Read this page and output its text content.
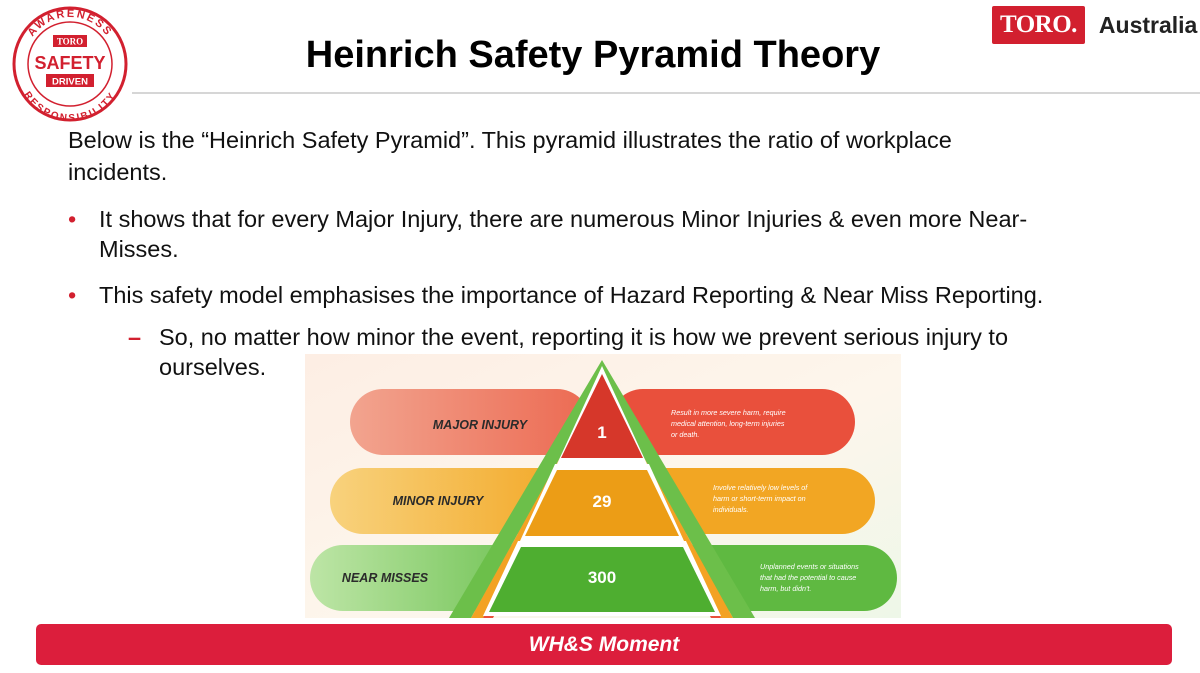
AWARENESS
RESPONSIBILITY
TORO
SAFETY
DRIVEN
Heinrich Safety Pyramid Theory
TORO. Australia
Below is the “Heinrich Safety Pyramid”. This pyramid illustrates the ratio of workplace
incidents.
• It shows that for every Major Injury, there are numerous Minor Injuries & even more Near-
Misses.
• This safety model emphasises the importance of Hazard Reporting & Near Miss Reporting.
– So, no matter how minor the event, reporting it is how we prevent serious injury to
ourselves.
1
29
300
MAJOR INJURY
MINOR INJURY
NEAR MISSES
Result in more severe harm, require
medical attention, long-term injuries
or death.
Involve relatively low levels of
harm or short-term impact on
individuals.
Unplanned events or situations
that had the potential to cause
harm, but didn't.
WH&S Moment
